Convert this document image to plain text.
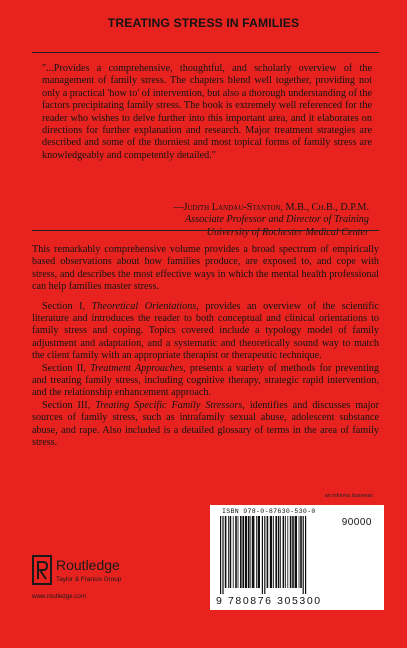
TREATING STRESS IN FAMILIES
"...Provides a comprehensive, thoughtful, and scholarly overview of the management of family stress. The chapters blend well together, providing not only a practical 'how to' of intervention, but also a thorough understanding of the factors precipitating family stress. The book is extremely well referenced for the reader who wishes to delve further into this important area, and it elaborates on directions for further explanation and research. Major treatment strategies are described and some of the thorniest and most topical forms of family stress are knowledgeably and competently detailed."
—Judith Landau-Stanton, M.B., Ch.B., D.P.M.
Associate Professor and Director of Training
University of Rochester Medical Center

This remarkably comprehensive volume provides a broad spectrum of empirically based observations about how families produce, are exposed to, and cope with stress, and describes the most effective ways in which the mental health professional can help families master stress.

Section I, Theoretical Orientations, provides an overview of the scientific literature and introduces the reader to both conceptual and clinical orientations to family stress and coping. Topics covered include a typology model of family adjustment and adaptation, and a systematic and theoretically sound way to match the client family with an appropriate therapist or therapeutic technique.

Section II, Treatment Approaches, presents a variety of methods for preventing and treating family stress, including cognitive therapy, strategic rapid intervention, and the relationship enhancement approach.

Section III, Treating Specific Family Stressors, identifies and discusses major sources of family stress, such as intrafamily sexual abuse, adolescent substance abuse, and rape. Also included is a detailed glossary of terms in the area of family stress.

an informa business
ISBN 978-0-87630-530-0
9 780876 305300
90000
Routledge
Taylor & Francis Group
www.routledge.com
